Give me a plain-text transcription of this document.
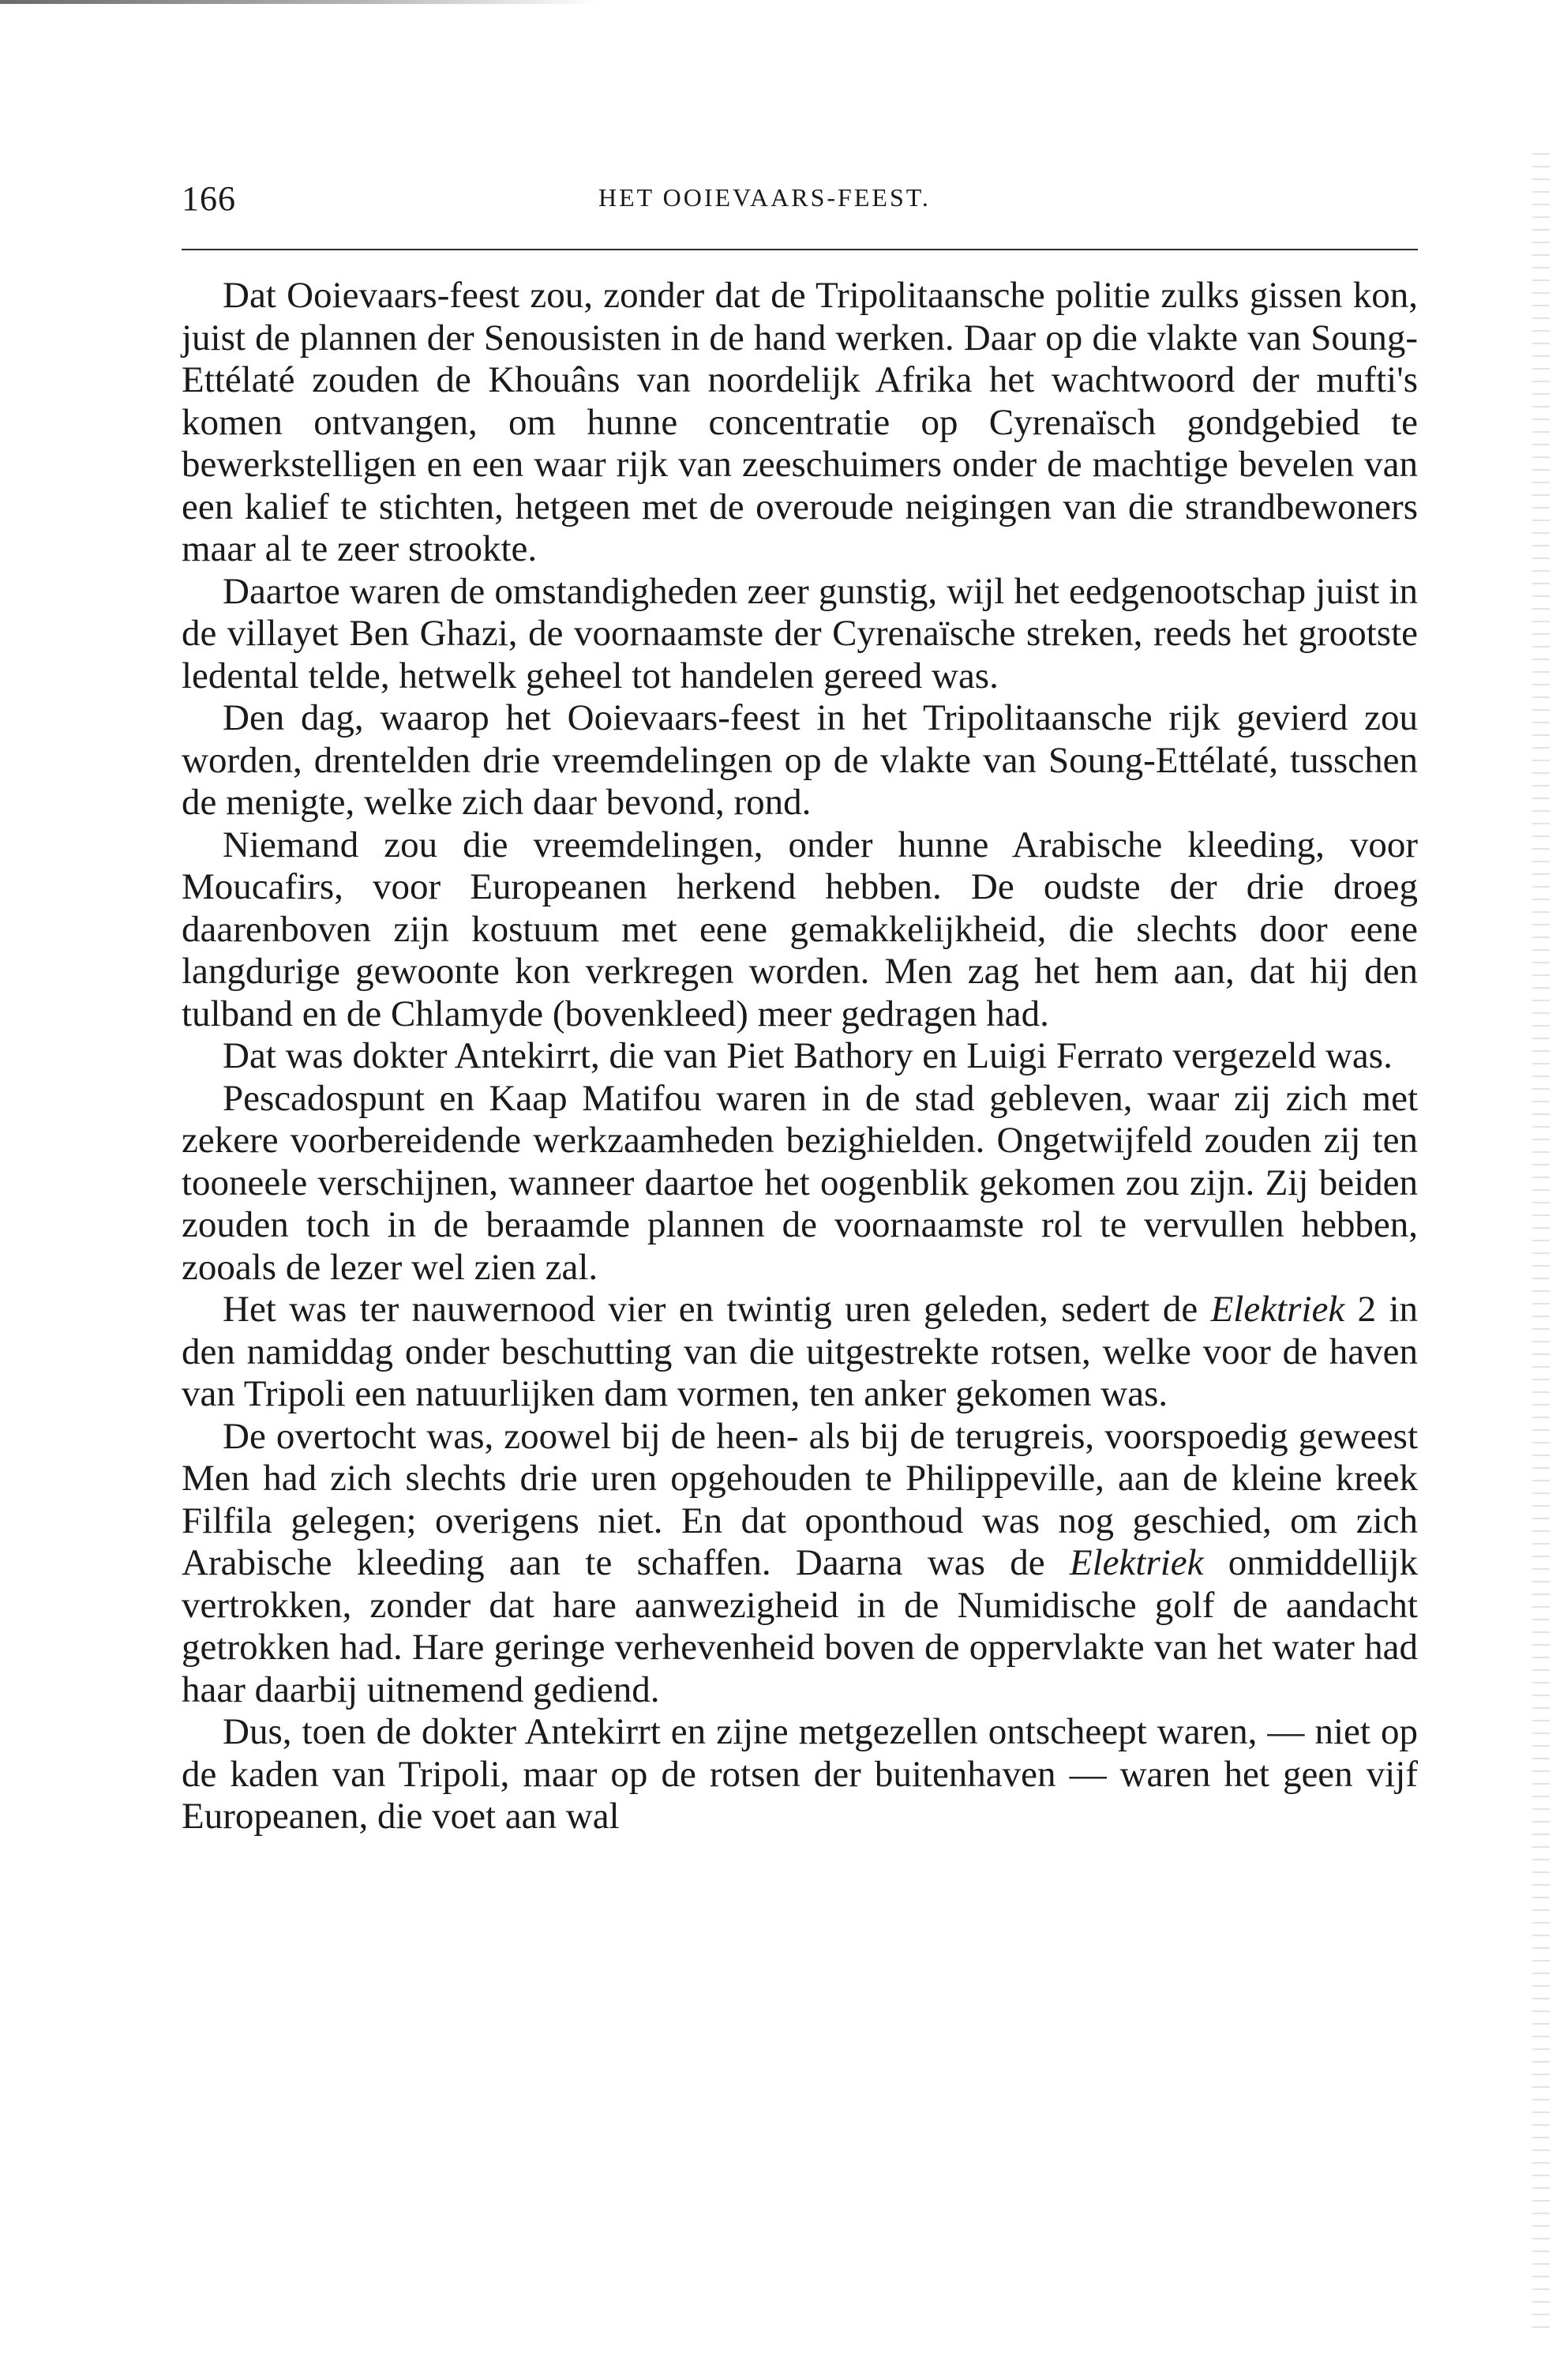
166	HET OOIEVAARS-FEEST.

Dat Ooievaars-feest zou, zonder dat de Tripolitaansche politie zulks gissen kon, juist de plannen der Senousisten in de hand werken. Daar op die vlakte van Soung-Ettélaté zouden de Khouâns van noordelijk Afrika het wachtwoord der mufti's komen ontvangen, om hunne concentratie op Cyrenaïsch gondgebied te bewerkstelligen en een waar rijk van zeeschuimers onder de machtige bevelen van een kalief te stichten, hetgeen met de overoude neigingen van die strandbewoners maar al te zeer strookte.

Daartoe waren de omstandigheden zeer gunstig, wijl het eedgenootschap juist in de villayet Ben Ghazi, de voornaamste der Cyrenaïsche streken, reeds het grootste ledental telde, hetwelk geheel tot handelen gereed was.

Den dag, waarop het Ooievaars-feest in het Tripolitaansche rijk gevierd zou worden, drentelden drie vreemdelingen op de vlakte van Soung-Ettélaté, tusschen de menigte, welke zich daar bevond, rond.

Niemand zou die vreemdelingen, onder hunne Arabische kleeding, voor Moucafirs, voor Europeanen herkend hebben. De oudste der drie droeg daarenboven zijn kostuum met eene gemakkelijkheid, die slechts door eene langdurige gewoonte kon verkregen worden. Men zag het hem aan, dat hij den tulband en de Chlamyde (bovenkleed) meer gedragen had.

Dat was dokter Antekirrt, die van Piet Bathory en Luigi Ferrato vergezeld was.

Pescadospunt en Kaap Matifou waren in de stad gebleven, waar zij zich met zekere voorbereidende werkzaamheden bezighielden. Ongetwijfeld zouden zij ten tooneele verschijnen, wanneer daartoe het oogenblik gekomen zou zijn. Zij beiden zouden toch in de beraamde plannen de voornaamste rol te vervullen hebben, zooals de lezer wel zien zal.

Het was ter nauwernood vier en twintig uren geleden, sedert de Elektriek 2 in den namiddag onder beschutting van die uitgestrekte rotsen, welke voor de haven van Tripoli een natuurlijken dam vormen, ten anker gekomen was.

De overtocht was, zoowel bij de heen- als bij de terugreis, voorspoedig geweest Men had zich slechts drie uren opgehouden te Philippeville, aan de kleine kreek Filfila gelegen; overigens niet. En dat oponthoud was nog geschied, om zich Arabische kleeding aan te schaffen. Daarna was de Elektriek onmiddellijk vertrokken, zonder dat hare aanwezigheid in de Numidische golf de aandacht getrokken had. Hare geringe verhevenheid boven de oppervlakte van het water had haar daarbij uitnemend gediend.

Dus, toen de dokter Antekirrt en zijne metgezellen ontscheept waren, — niet op de kaden van Tripoli, maar op de rotsen der buitenhaven — waren het geen vijf Europeanen, die voet aan wal
